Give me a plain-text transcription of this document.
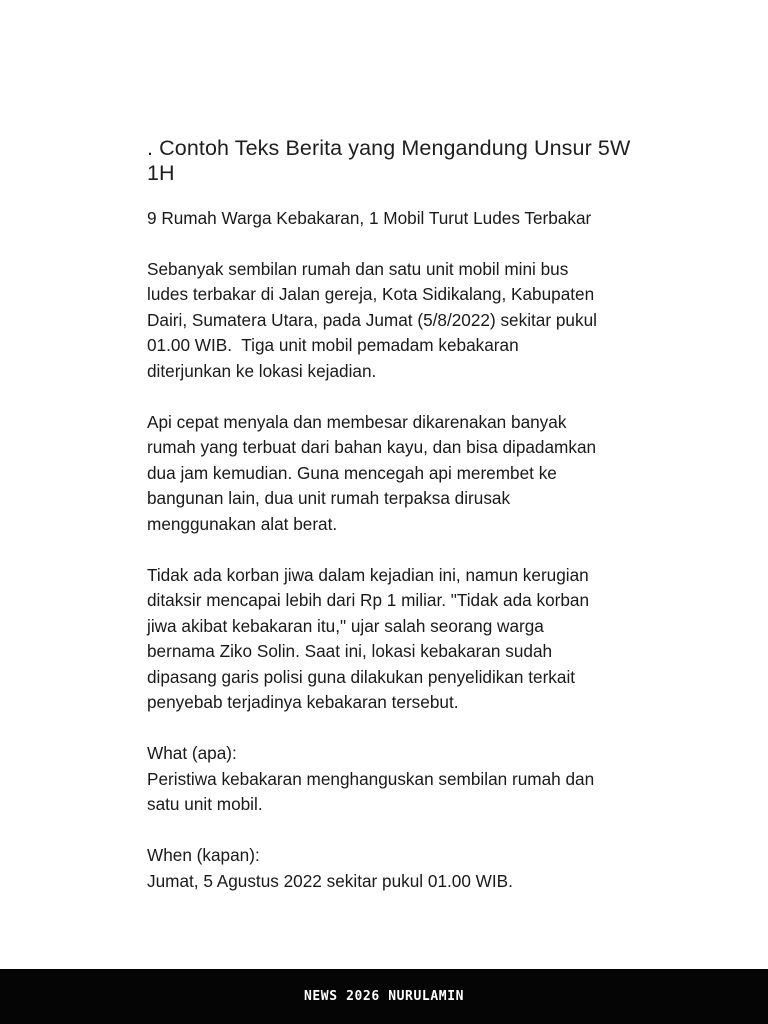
. Contoh Teks Berita yang Mengandung Unsur 5W
1H
9 Rumah Warga Kebakaran, 1 Mobil Turut Ludes Terbakar
Sebanyak sembilan rumah dan satu unit mobil mini bus
ludes terbakar di Jalan gereja, Kota Sidikalang, Kabupaten
Dairi, Sumatera Utara, pada Jumat (5/8/2022) sekitar pukul
01.00 WIB.  Tiga unit mobil pemadam kebakaran
diterjunkan ke lokasi kejadian.
Api cepat menyala dan membesar dikarenakan banyak
rumah yang terbuat dari bahan kayu, dan bisa dipadamkan
dua jam kemudian. Guna mencegah api merembet ke
bangunan lain, dua unit rumah terpaksa dirusak
menggunakan alat berat.
Tidak ada korban jiwa dalam kejadian ini, namun kerugian
ditaksir mencapai lebih dari Rp 1 miliar. "Tidak ada korban
jiwa akibat kebakaran itu," ujar salah seorang warga
bernama Ziko Solin. Saat ini, lokasi kebakaran sudah
dipasang garis polisi guna dilakukan penyelidikan terkait
penyebab terjadinya kebakaran tersebut.
What (apa):
Peristiwa kebakaran menghanguskan sembilan rumah dan
satu unit mobil.
When (kapan):
Jumat, 5 Agustus 2022 sekitar pukul 01.00 WIB.
NEWS 2026 NURULAMIN
